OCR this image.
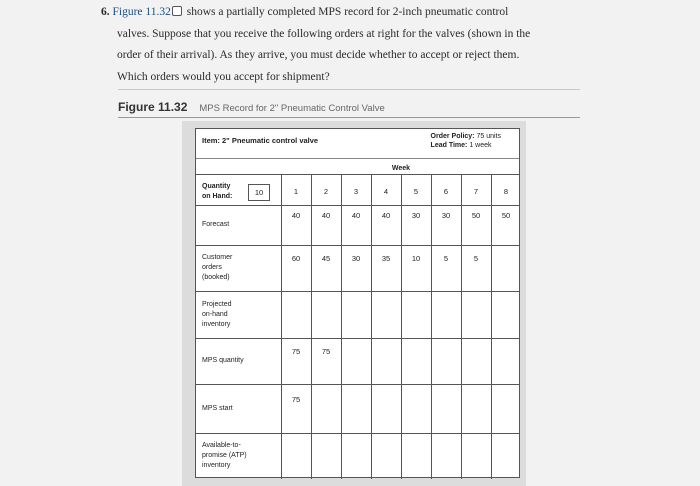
6. Figure 11.32 shows a partially completed MPS record for 2-inch pneumatic control
valves. Suppose that you receive the following orders at right for the valves (shown in the
order of their arrival). As they arrive, you must decide whether to accept or reject them.
Which orders would you accept for shipment?
Figure 11.32 MPS Record for 2" Pneumatic Control Valve
Item: 2" Pneumatic control valve	Order Policy: 75 units
Lead Time: 1 week
Week
Quantity
on Hand:	10	1	2	3	4	5	6	7	8
Forecast
40	40	40	40	30	30	50	50
Customer
orders
(booked)
60	45	30	35	10	5	5
Projected
on-hand
inventory
MPS quantity
75	75
MPS start
75
Available-to-
promise (ATP)
inventory
